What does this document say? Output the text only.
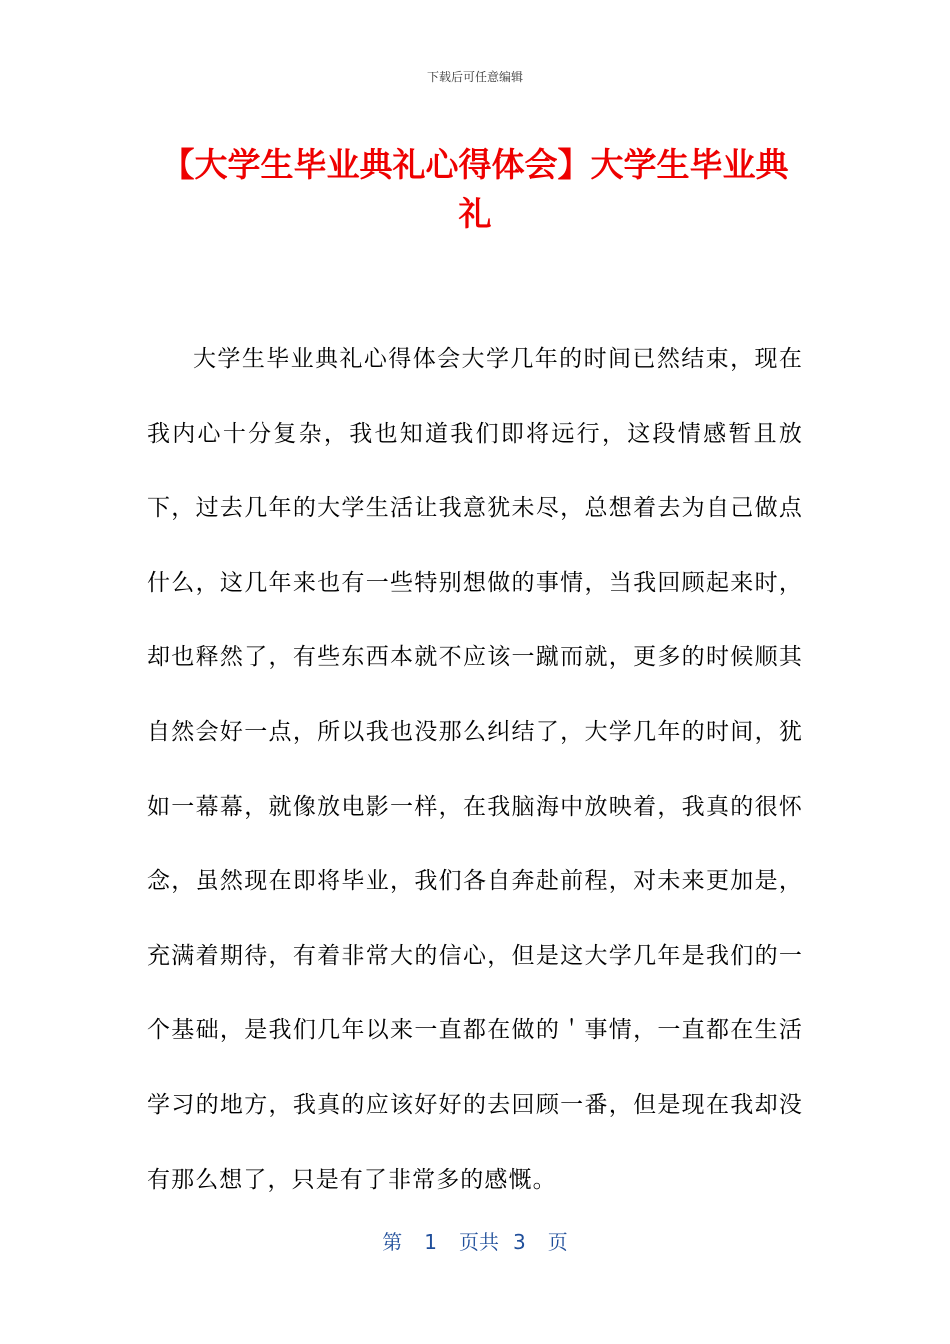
下载后可任意编辑
【大学生毕业典礼心得体会】大学生毕业典礼

大学生毕业典礼心得体会大学几年的时间已然结束，现在我内心十分复杂，我也知道我们即将远行，这段情感暂且放下，过去几年的大学生活让我意犹未尽，总想着去为自己做点什么，这几年来也有一些特别想做的事情，当我回顾起来时，却也释然了，有些东西本就不应该一蹴而就，更多的时候顺其自然会好一点，所以我也没那么纠结了，大学几年的时间，犹如一幕幕，就像放电影一样，在我脑海中放映着，我真的很怀念，虽然现在即将毕业，我们各自奔赴前程，对未来更加是，充满着期待，有着非常大的信心，但是这大学几年是我们的一个基础，是我们几年以来一直都在做的＇事情，一直都在生活学习的地方，我真的应该好好的去回顾一番，但是现在我却没有那么想了，只是有了非常多的感慨。

第 1 页共 3 页
